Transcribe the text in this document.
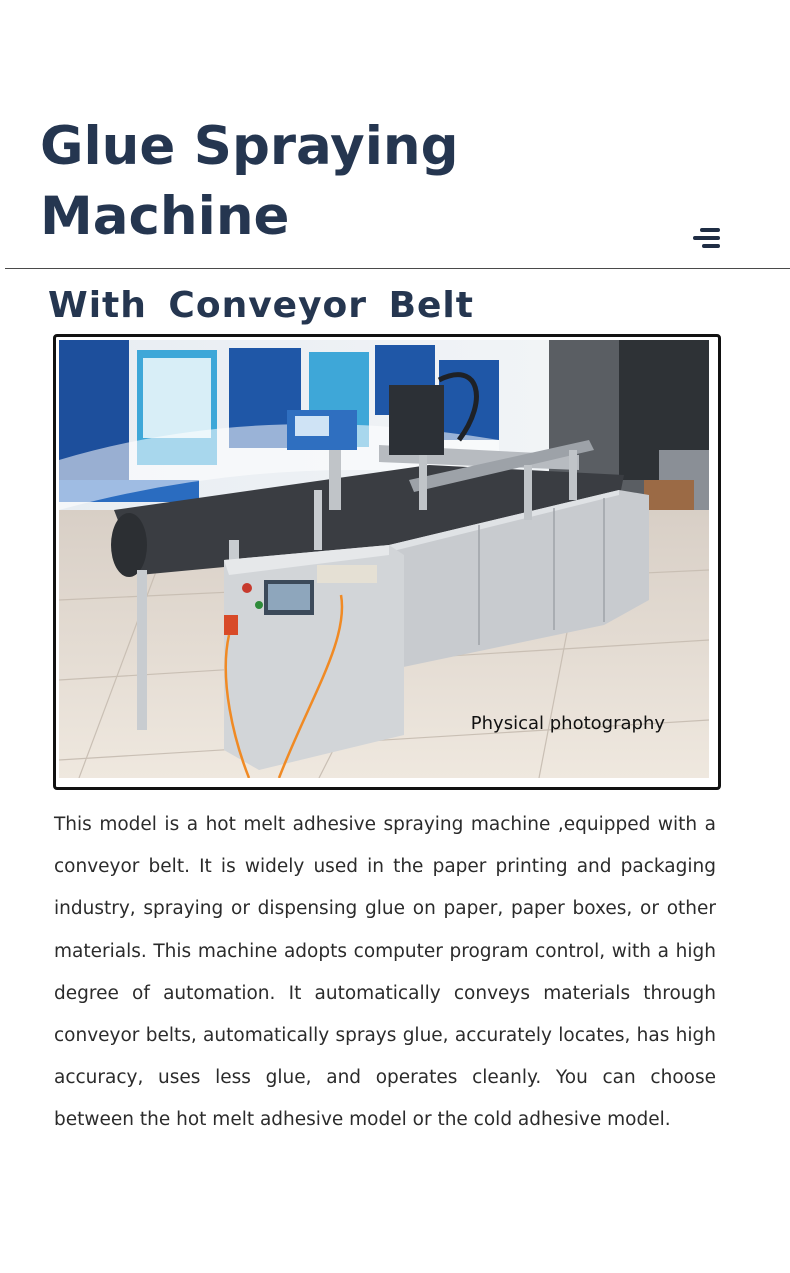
Glue Spraying Machine
With Conveyor Belt
Physical photography

This model is a hot melt adhesive spraying machine ,equipped with a conveyor belt. It is widely used in the paper printing and packaging industry, spraying or dispensing glue on paper, paper boxes, or other materials. This machine adopts computer program control, with a high degree of automation. It automatically conveys materials through conveyor belts, automatically sprays glue, accurately locates, has high accuracy, uses less glue, and operates cleanly. You can choose between the hot melt adhesive model or the cold adhesive model.
